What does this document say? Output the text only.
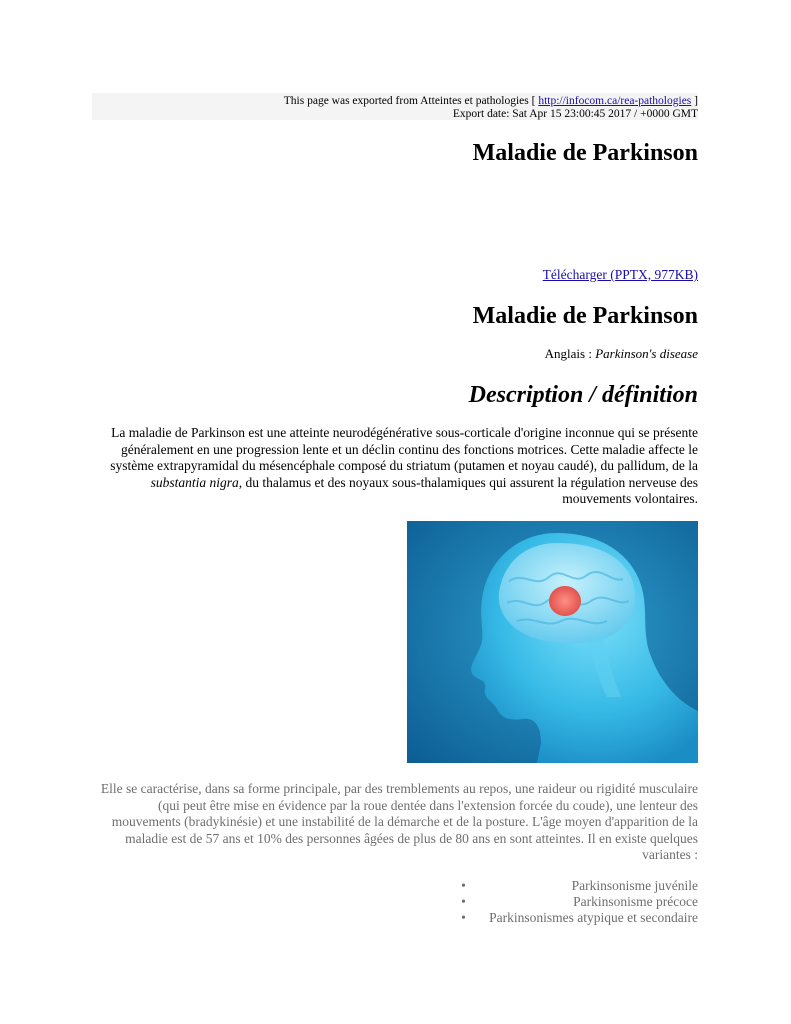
This page was exported from Atteintes et pathologies [ http://infocom.ca/rea-pathologies ]
Export date: Sat Apr 15 23:00:45 2017 / +0000 GMT
Maladie de Parkinson
Télécharger (PPTX, 977KB)
Maladie de Parkinson
Anglais : Parkinson's disease
Description / définition
La maladie de Parkinson est une atteinte neurodégénérative sous-corticale d'origine inconnue qui se présente
généralement en une progression lente et un déclin continu des fonctions motrices. Cette maladie affecte le
système extrapyramidal du mésencéphale composé du striatum (putamen et noyau caudé), du pallidum, de la
substantia nigra, du thalamus et des noyaux sous-thalamiques qui assurent la régulation nerveuse des
mouvements volontaires.
Elle se caractérise, dans sa forme principale, par des tremblements au repos, une raideur ou rigidité musculaire
(qui peut être mise en évidence par la roue dentée dans l'extension forcée du coude), une lenteur des
mouvements (bradykinésie) et une instabilité de la démarche et de la posture. L'âge moyen d'apparition de la
maladie est de 57 ans et 10% des personnes âgées de plus de 80 ans en sont atteintes. Il en existe quelques
variantes :
•	Parkinsonisme juvénile
•	Parkinsonisme précoce
• Parkinsonismes atypique et secondaire
